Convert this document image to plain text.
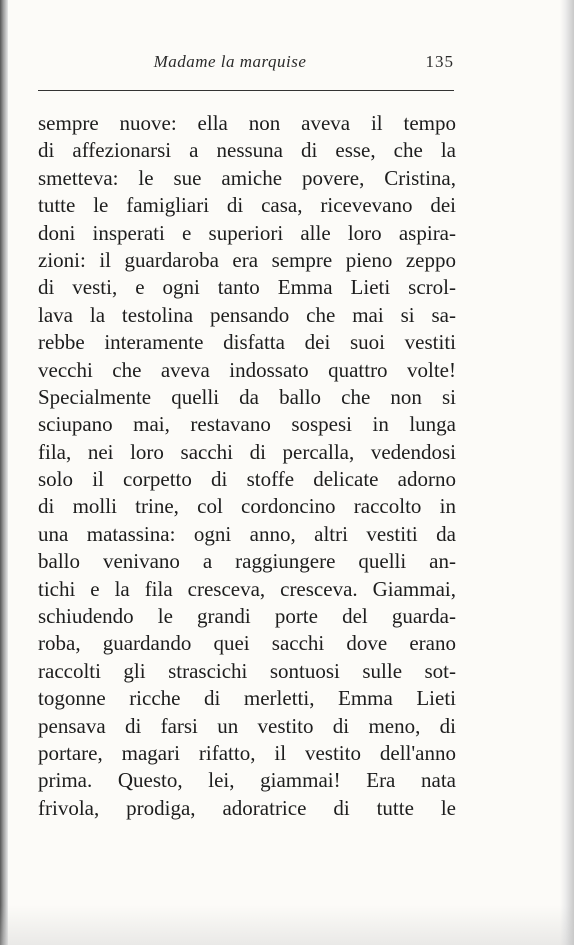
Madame la marquise	135
sempre nuove: ella non aveva il tempo
di affezionarsi a nessuna di esse, che la
smetteva: le sue amiche povere, Cristina,
tutte le famigliari di casa, ricevevano dei
doni insperati e superiori alle loro aspira-
zioni: il guardaroba era sempre pieno zeppo
di vesti, e ogni tanto Emma Lieti scrol-
lava la testolina pensando che mai si sa-
rebbe interamente disfatta dei suoi vestiti
vecchi che aveva indossato quattro volte!
Specialmente quelli da ballo che non si
sciupano mai, restavano sospesi in lunga
fila, nei loro sacchi di percalla, vedendosi
solo il corpetto di stoffe delicate adorno
di molli trine, col cordoncino raccolto in
una matassina: ogni anno, altri vestiti da
ballo venivano a raggiungere quelli an-
tichi e la fila cresceva, cresceva. Giammai,
schiudendo le grandi porte del guarda-
roba, guardando quei sacchi dove erano
raccolti gli strascichi sontuosi sulle sot-
togonne ricche di merletti, Emma Lieti
pensava di farsi un vestito di meno, di
portare, magari rifatto, il vestito dell'anno
prima. Questo, lei, giammai! Era nata
frivola, prodiga, adoratrice di tutte le
